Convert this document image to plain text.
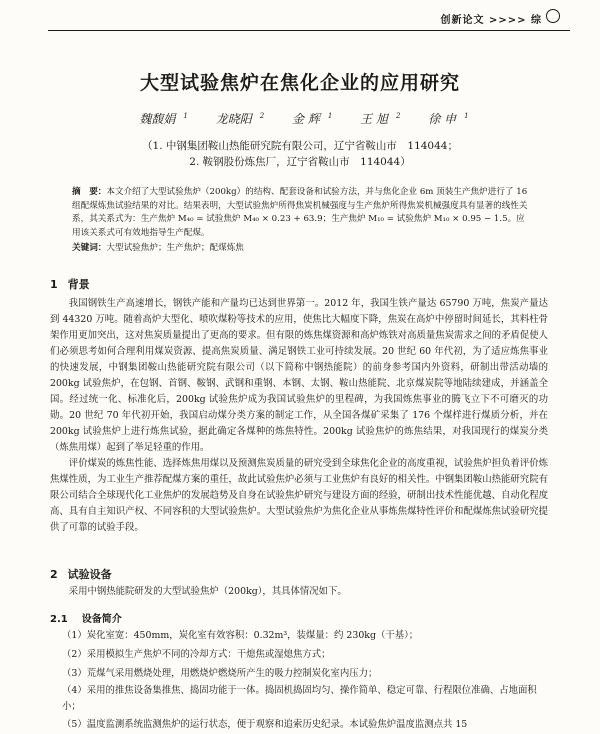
创新论文 >>>> 综
大型试验焦炉在焦化企业的应用研究
魏馥娟 $^1$ 龙晓阳 $^2$ 金 辉 $^1$ 王 旭 $^2$ 徐 申 $^1$
（1. 中钢集团鞍山热能研究院有限公司，辽宁省鞍山市　114044；
2. 鞍钢股份炼焦厂，辽宁省鞍山市　114044）
摘　要：本文介绍了大型试验焦炉（200kg）的结构、配套设备和试验方法，并与焦化企业 6m 顶装生产焦炉进行了 16 组配煤炼焦试验结果的对比。结果表明，大型试验焦炉所得焦炭机械强度与生产焦炉所得焦炭机械强度具有显著的线性关系，其关系式为：生产焦炉 M₄₀ = 试验焦炉 M₄₀ × 0.23 + 63.9；生产焦炉 M₁₀ = 试验焦炉 M₁₀ × 0.95 − 1.5。应用该关系式可有效地指导生产配煤。
关键词：大型试验焦炉；生产焦炉；配煤炼焦
1 背景

我国钢铁生产高速增长，钢铁产能和产量均已达到世界第一。2012 年，我国生铁产量达 65790 万吨，焦炭产量达到 44320 万吨。随着高炉大型化、喷吹煤粉等技术的应用，使焦比大幅度下降，焦炭在高炉中停留时间延长，其料柱骨架作用更加突出，这对焦炭质量提出了更高的要求。但有限的炼焦煤资源和高炉炼铁对高质量焦炭需求之间的矛盾促使人们必须思考如何合理利用煤炭资源、提高焦炭质量、满足钢铁工业可持续发展。20 世纪 60 年代初，为了适应炼焦事业的快速发展，中钢集团鞍山热能研究院有限公司（以下简称中钢热能院）的前身参考国内外资料，研制出带活动墙的 200kg 试验焦炉，在包钢、首钢、鞍钢、武钢和重钢、本钢、太钢、鞍山热能院、北京煤炭院等地陆续建成，并涵盖全国。经过统一化、标准化后，200kg 试验焦炉成为我国试验焦炉的里程碑，为我国炼焦事业的腾飞立下不可磨灭的功勋。20 世纪 70 年代初开始，我国启动煤分类方案的制定工作，从全国各煤矿采集了 176 个煤样进行煤质分析，并在 200kg 试验焦炉上进行炼焦试验，据此确定各煤种的炼焦特性。200kg 试验焦炉的炼焦结果，对我国现行的煤炭分类（炼焦用煤）起到了举足轻重的作用。

评价煤炭的炼焦性能、选择炼焦用煤以及预测焦炭质量的研究受到全球焦化企业的高度重视，试验焦炉担负着评价炼焦煤性质，为工业生产推荐配煤方案的重任，故此试验焦炉必须与工业焦炉有良好的相关性。中钢集团鞍山热能研究院有限公司结合全球现代化工业焦炉的发展趋势及自身在试验焦炉研究与建设方面的经验，研制出技术性能优越、自动化程度高、具有自主知识产权、不同容积的大型试验焦炉。大型试验焦炉为焦化企业从事炼焦煤特性评价和配煤炼焦试验研究提供了可靠的试验手段。

2 试验设备

采用中钢热能院研发的大型试验焦炉（200kg），其具体情况如下。

2.1 设备简介
（1）炭化室宽：450mm，炭化室有效容积：0.32m³，装煤量：约 230kg（干基）；
（2）采用模拟生产焦炉不同的冷却方式：干熄焦或湿熄焦方式；
（3）荒煤气采用燃烧处理，用燃烧炉燃烧所产生的吸力控制炭化室内压力；
（4）采用的推焦设备集推焦、捣固功能于一体。捣固机捣固均匀、操作简单、稳定可靠、行程限位准确、占地面积小；
（5）温度监测系统监测焦炉的运行状态，便于观察和追索历史纪录。本试验焦炉温度监测点共 15
